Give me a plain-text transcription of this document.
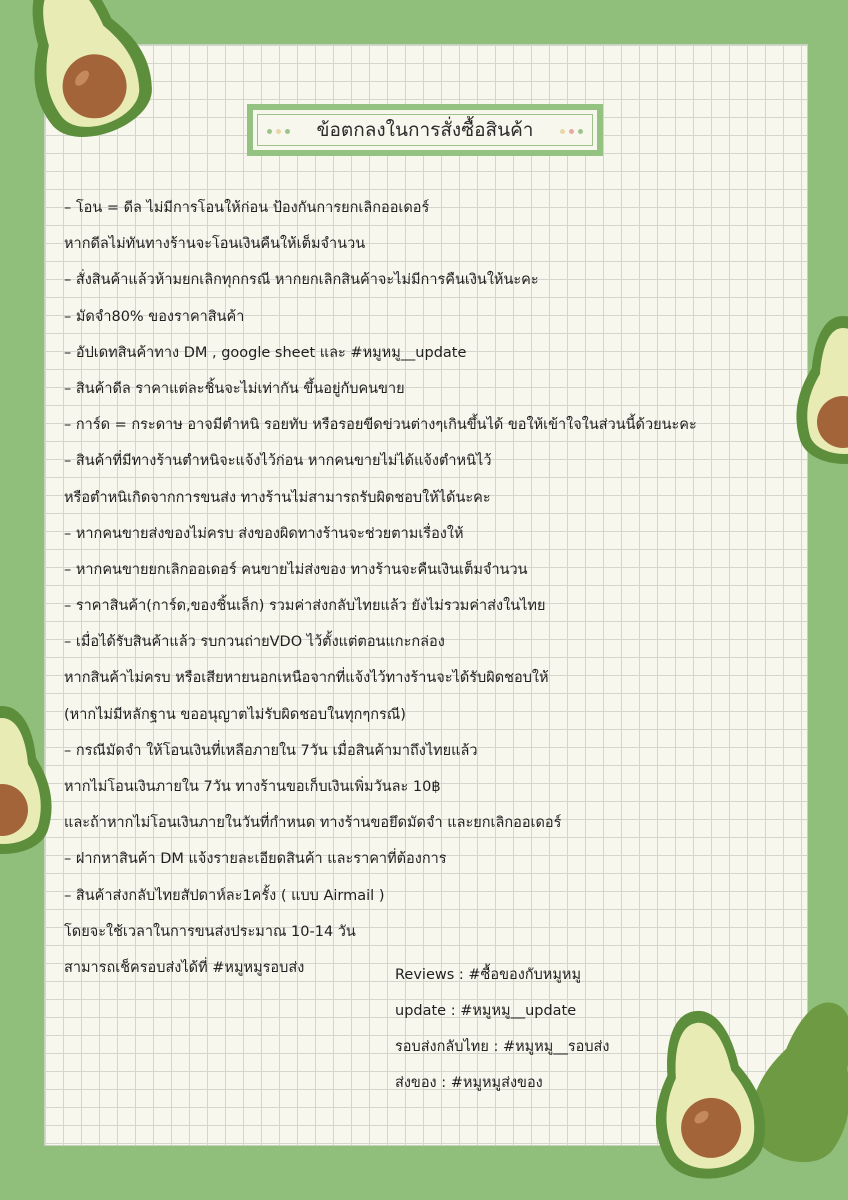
ข้อตกลงในการสั่งซื้อสินค้า
– โอน = ดีล ไม่มีการโอนให้ก่อน ป้องกันการยกเลิกออเดอร์
หากดีลไม่ทันทางร้านจะโอนเงินคืนให้เต็มจำนวน
– สั่งสินค้าแล้วห้ามยกเลิกทุกกรณี หากยกเลิกสินค้าจะไม่มีการคืนเงินให้นะคะ
– มัดจำ80% ของราคาสินค้า
– อัปเดทสินค้าทาง DM , google sheet และ #หมูหมู__update
– สินค้าดีล ราคาแต่ละชิ้นจะไม่เท่ากัน ขึ้นอยู่กับคนขาย
– การ์ด = กระดาษ อาจมีตำหนิ รอยทับ หรือรอยขีดข่วนต่างๆเกินขึ้นได้ ขอให้เข้าใจในส่วนนี้ด้วยนะคะ
– สินค้าที่มีทางร้านตำหนิจะแจ้งไว้ก่อน หากคนขายไม่ได้แจ้งตำหนิไว้
หรือตำหนิเกิดจากการขนส่ง ทางร้านไม่สามารถรับผิดชอบให้ได้นะคะ
– หากคนขายส่งของไม่ครบ ส่งของผิดทางร้านจะช่วยตามเรื่องให้
– หากคนขายยกเลิกออเดอร์ คนขายไม่ส่งของ ทางร้านจะคืนเงินเต็มจำนวน
– ราคาสินค้า(การ์ด,ของชิ้นเล็ก) รวมค่าส่งกลับไทยแล้ว ยังไม่รวมค่าส่งในไทย
– เมื่อได้รับสินค้าแล้ว รบกวนถ่ายVDO ไว้ตั้งแต่ตอนแกะกล่อง
หากสินค้าไม่ครบ หรือเสียหายนอกเหนือจากที่แจ้งไว้ทางร้านจะได้รับผิดชอบให้
(หากไม่มีหลักฐาน ขออนุญาตไม่รับผิดชอบในทุกๆกรณี)
– กรณีมัดจำ ให้โอนเงินที่เหลือภายใน 7วัน เมื่อสินค้ามาถึงไทยแล้ว
หากไม่โอนเงินภายใน 7วัน ทางร้านขอเก็บเงินเพิ่มวันละ 10฿
และถ้าหากไม่โอนเงินภายในวันที่กำหนด ทางร้านขอยึดมัดจำ และยกเลิกออเดอร์
– ฝากหาสินค้า DM แจ้งรายละเอียดสินค้า และราคาที่ต้องการ
– สินค้าส่งกลับไทยสัปดาห์ละ1ครั้ง ( แบบ Airmail )
โดยจะใช้เวลาในการขนส่งประมาณ 10-14 วัน
สามารถเช็ครอบส่งได้ที่ #หมูหมูรอบส่ง	Reviews : #ซื้อของกับหมูหมู
update : #หมูหมู__update
รอบส่งกลับไทย : #หมูหมู__รอบส่ง
ส่งของ : #หมูหมูส่งของ
